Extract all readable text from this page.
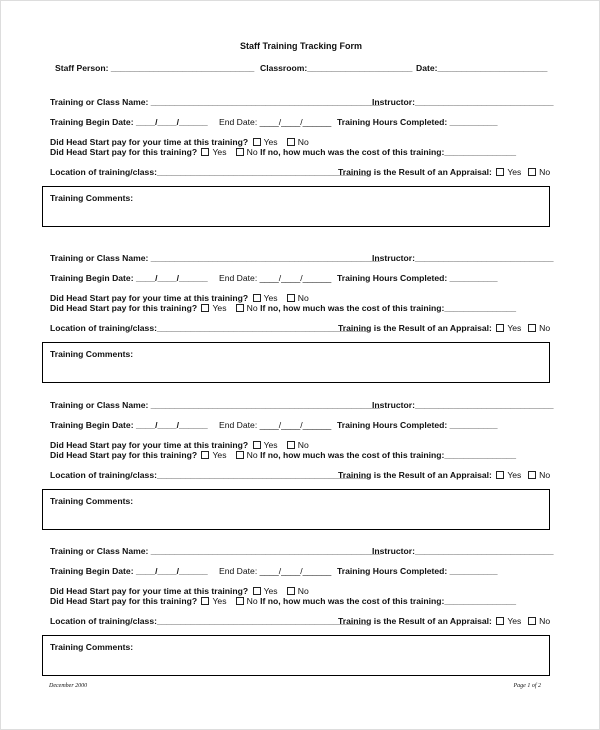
Staff Training Tracking Form
Staff Person: ______________________________ Classroom:______________________ Date:_______________________
Training or Class Name: ________________________________________________
Instructor:_____________________________
Training Begin Date: ____/____/______ End Date: ____/____/______ Training Hours Completed: __________
Did Head Start pay for your time at this training? Yes No
Did Head Start pay for this training? Yes No If no, how much was the cost of this training:_______________
Location of training/class:____________________________________________
Training is the Result of an Appraisal: Yes No
Training Comments:
Training or Class Name: ________________________________________________
Instructor:_____________________________
Training Begin Date: ____/____/______ End Date: ____/____/______ Training Hours Completed: __________
Did Head Start pay for your time at this training? Yes No
Did Head Start pay for this training? Yes No If no, how much was the cost of this training:_______________
Location of training/class:____________________________________________
Training is the Result of an Appraisal: Yes No
Training Comments:
Training or Class Name: ________________________________________________
Instructor:_____________________________
Training Begin Date: ____/____/______ End Date: ____/____/______ Training Hours Completed: __________
Did Head Start pay for your time at this training? Yes No
Did Head Start pay for this training? Yes No If no, how much was the cost of this training:_______________
Location of training/class:____________________________________________
Training is the Result of an Appraisal: Yes No
Training Comments:
Training or Class Name: ________________________________________________
Instructor:_____________________________
Training Begin Date: ____/____/______ End Date: ____/____/______ Training Hours Completed: __________
Did Head Start pay for your time at this training? Yes No
Did Head Start pay for this training? Yes No If no, how much was the cost of this training:_______________
Location of training/class:____________________________________________
Training is the Result of an Appraisal: Yes No
Training Comments:
December 2000	Page 1 of 2
